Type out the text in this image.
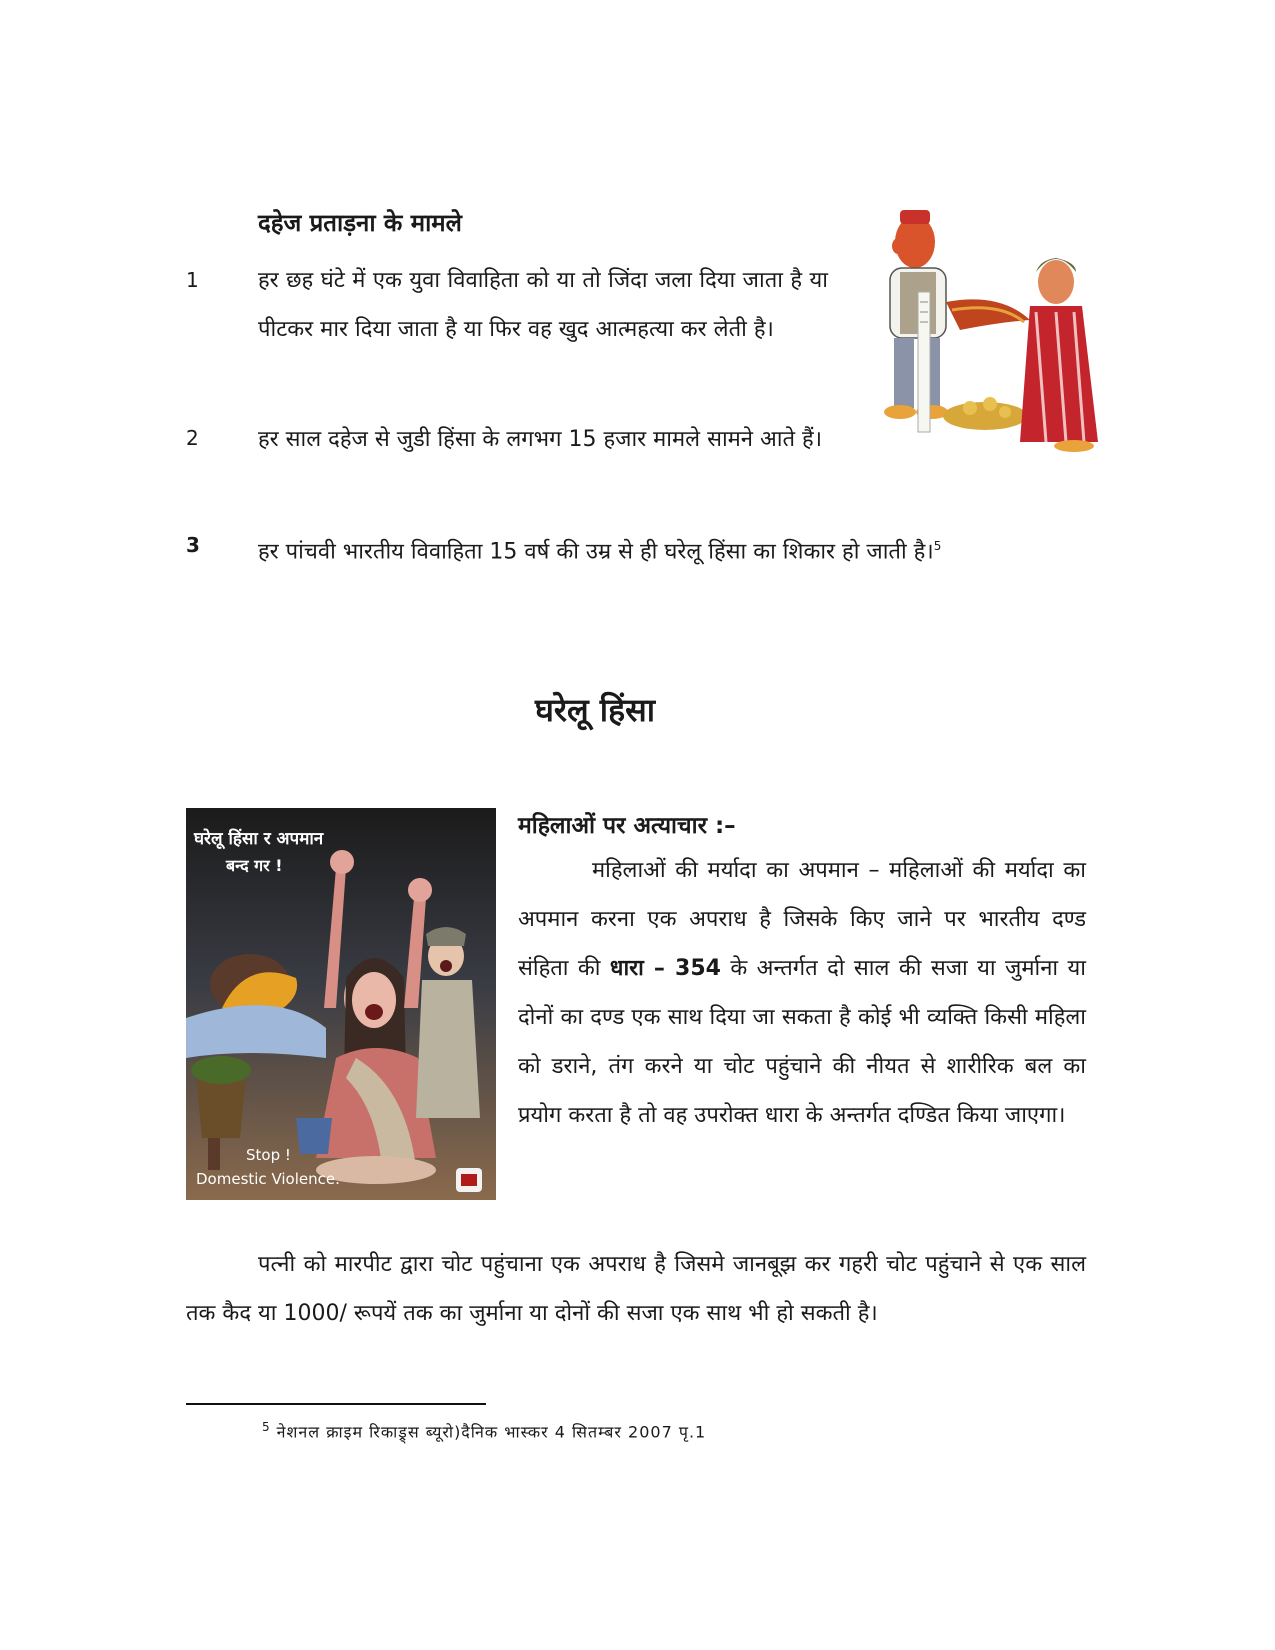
दहेज प्रताड़ना के मामले
1	हर छह घंटे में एक युवा विवाहिता को या तो जिंदा जला दिया जाता है या पीटकर मार दिया जाता है या फिर वह खुद आत्महत्या कर लेती है।
2	हर साल दहेज से जुडी हिंसा के लगभग 15 हजार मामले सामने आते हैं।
3	हर पांचवी भारतीय विवाहिता 15 वर्ष की उम्र से ही घरेलू हिंसा का शिकार हो जाती है।$^5$
घरेलू हिंसा
घरेलू हिंसा र अपमान
बन्द गर !
Stop !
Domestic Violence.
महिलाओं पर अत्याचार :–
महिलाओं की मर्यादा का अपमान – महिलाओं की मर्यादा का अपमान करना एक अपराध है जिसके किए जाने पर भारतीय दण्ड संहिता की धारा – 354 के अन्तर्गत दो साल की सजा या जुर्माना या दोनों का दण्ड एक साथ दिया जा सकता है कोई भी व्यक्ति किसी महिला को डराने, तंग करने या चोट पहुंचाने की नीयत से शारीरिक बल का प्रयोग करता है तो वह उपरोक्त धारा के अन्तर्गत दण्डित किया जाएगा।
पत्नी को मारपीट द्वारा चोट पहुंचाना एक अपराध है जिसमे जानबूझ कर गहरी चोट पहुंचाने से एक साल तक कैद या 1000/ रूपयें तक का जुर्माना या दोनों की सजा एक साथ भी हो सकती है।
$^5$ नेशनल क्राइम रिकाड्र्स ब्यूरो)दैनिक भास्कर 4 सितम्बर 2007 पृ.1
